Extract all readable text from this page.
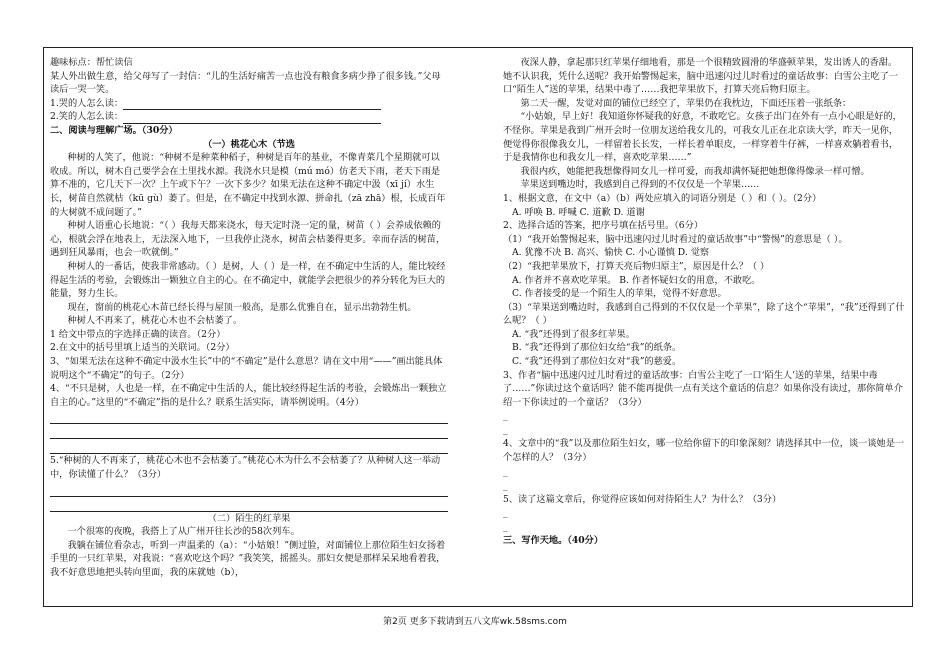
趣味标点：帮忙读信

某人外出做生意，给父母写了一封信：“儿的生活好痛苦一点也没有粮食多病少挣了很多钱。”父母读后一哭一笑。

1.哭的人怎么读：

2.笑的人怎么读：

二、阅读与理解广场。（30分）

（一）桃花心木（节选

种树的人笑了，他说：“种树不是种菜种稻子，种树是百年的基业，不像青菜几个星期就可以收成。所以，树木自己要学会在土里找水源。我浇水只是模（mú mó）仿老天下雨，老天下雨是算不准的，它几天下一次？上午或下午？一次下多少？如果无法在这种不确定中汲（xī jí）水生长，树苗自然就枯（kū gù）萎了。但是，在不确定中找到水源、拼命扎（zā zhā）根，长成百年的大树就不成问题了。”

种树人语重心长地说：“（ ）我每天都来浇水，每天定时浇一定的量，树苗（ ）会养成依赖的心，根就会浮在地表上，无法深入地下，一旦我停止浇水，树苗会枯萎得更多。幸而存活的树苗，遇到狂风暴雨，也会一吹就倒。”

种树人的一番话，使我非常感动。（ ）是树，人（ ）是一样，在不确定中生活的人，能比较经得起生活的考验，会锻炼出一颗独立自主的心。在不确定中，就能学会把很少的养分转化为巨大的能量，努力生长。

现在，窗前的桃花心木苗已经长得与屋顶一般高，是那么优雅自在，显示出勃勃生机。

种树人不再来了，桃花心木也不会枯萎了。

1 给文中带点的字选择正确的读音。（2分）

2.在文中的括号里填上适当的关联词。（2分）

3、“如果无法在这种不确定中汲水生长”中的“不确定”是什么意思？请在文中用“——”画出能具体说明这个“不确定”的句子。（2分）

4、“不只是树，人也是一样，在不确定中生活的人，能比较经得起生活的考验，会锻炼出一颗独立自主的心。”这里的“不确定”指的是什么？联系生活实际，请举例说明。（4分）

5.“种树的人不再来了，桃花心木也不会枯萎了。”桃花心木为什么不会枯萎了？从种树人这一举动中，你读懂了什么？（3分）

（二）陌生的红苹果

一个很寒的夜晚，我搭上了从广州开往长沙的58次列车。

我躺在铺位看杂志，听到一声温柔的（a）：“小姑娘！”侧过脸，对面铺位上那位陌生妇女扬着手里的一只红苹果，对我说：“喜欢吃这个吗？”我笑笑，摇摇头。那妇女便是那样呆呆地看着我，我不好意思地把头转向里面，我的床就她（b），

夜深人静，拿起那只红苹果仔细地看，那是一个很精致圆滑的华盛顿苹果，发出诱人的香甜。她不认识我，凭什么送呢？我开始警惕起来，脑中迅速闪过儿时看过的童话故事：白雪公主吃了一口“陌生人”送的苹果，结果中毒了……我把苹果放下，打算天亮后物归原主。

第二天一醒，发觉对面的铺位已经空了，苹果仍在我枕边，下面还压着一张纸条：

“小姑娘，早上好！我知道你怀疑我的好意，不敢吃它。女孩子出门在外有一点小心眼是好的，不怪你。苹果是我到广州开会时一位朋友送给我女儿的，可我女儿正在北京读大学，昨天一见你，便觉得你很像我女儿，一样留着长长发，一样长着单眼皮，一样穿着牛仔裤，一样喜欢躺着看书，于是我情你也和我女儿一样，喜欢吃苹果……”

我很内疚，她能把我想像得同女儿一样可爱，而我却满怀疑把她想像得像录一样可憎。

苹果送到嘴边时，我感到自己得到的不仅仅是一个苹果……

1、根据文意，在文中（a）（b）两处应填入的词语分别是（ ）和（ ）。（2分）

A. 呼唤 B. 呼喊 C. 道歉 D. 道谢

2、选择合适的答案，把序号填在括号里。（6分）

（1）“我开始警惕起来，脑中迅速闪过儿时看过的童话故事”中“警惕”的意思是（ ）。

A. 犹豫不决 B. 高兴、愉快 C. 小心谨慎 D. 觉察

（2）“我把苹果放下，打算天亮后物归原主”，原因是什么？（ ）

A. 作者并不喜欢吃苹果。 B. 作者怀疑妇女的用意，不敢吃。

C. 作者接受的是一个陌生人的苹果，觉得不好意思。

（3）“苹果送到嘴边时，我感到自己得到的不仅仅是一个苹果”，除了这个“苹果”，“我”还得到了什么呢？（ ）

A. “我”还得到了很多红苹果。

B. “我”还得到了那位妇女给“我”的纸条。

C. “我”还得到了那位妇女对“我”的慈爱。

3、作者“脑中迅速闪过儿时看过的童话故事：白雪公主吃了一口‘陌生人’送的苹果，结果中毒了……”你读过这个童话吗？能不能再提供一点有关这个童话的信息？如果你没有读过，那你简单介绍一下你读过的一个童话？（3分）

_
_

4、文章中的“我”以及那位陌生妇女，哪一位给你留下的印象深刻？请选择其中一位，谈一谈她是一个怎样的人？（3分）

_
_

5、读了这篇文章后，你觉得应该如何对待陌生人？为什么？（3分）

_
_

三、写作天地。（40分）

第2页 更多下载请到五八文库wk.58sms.com
